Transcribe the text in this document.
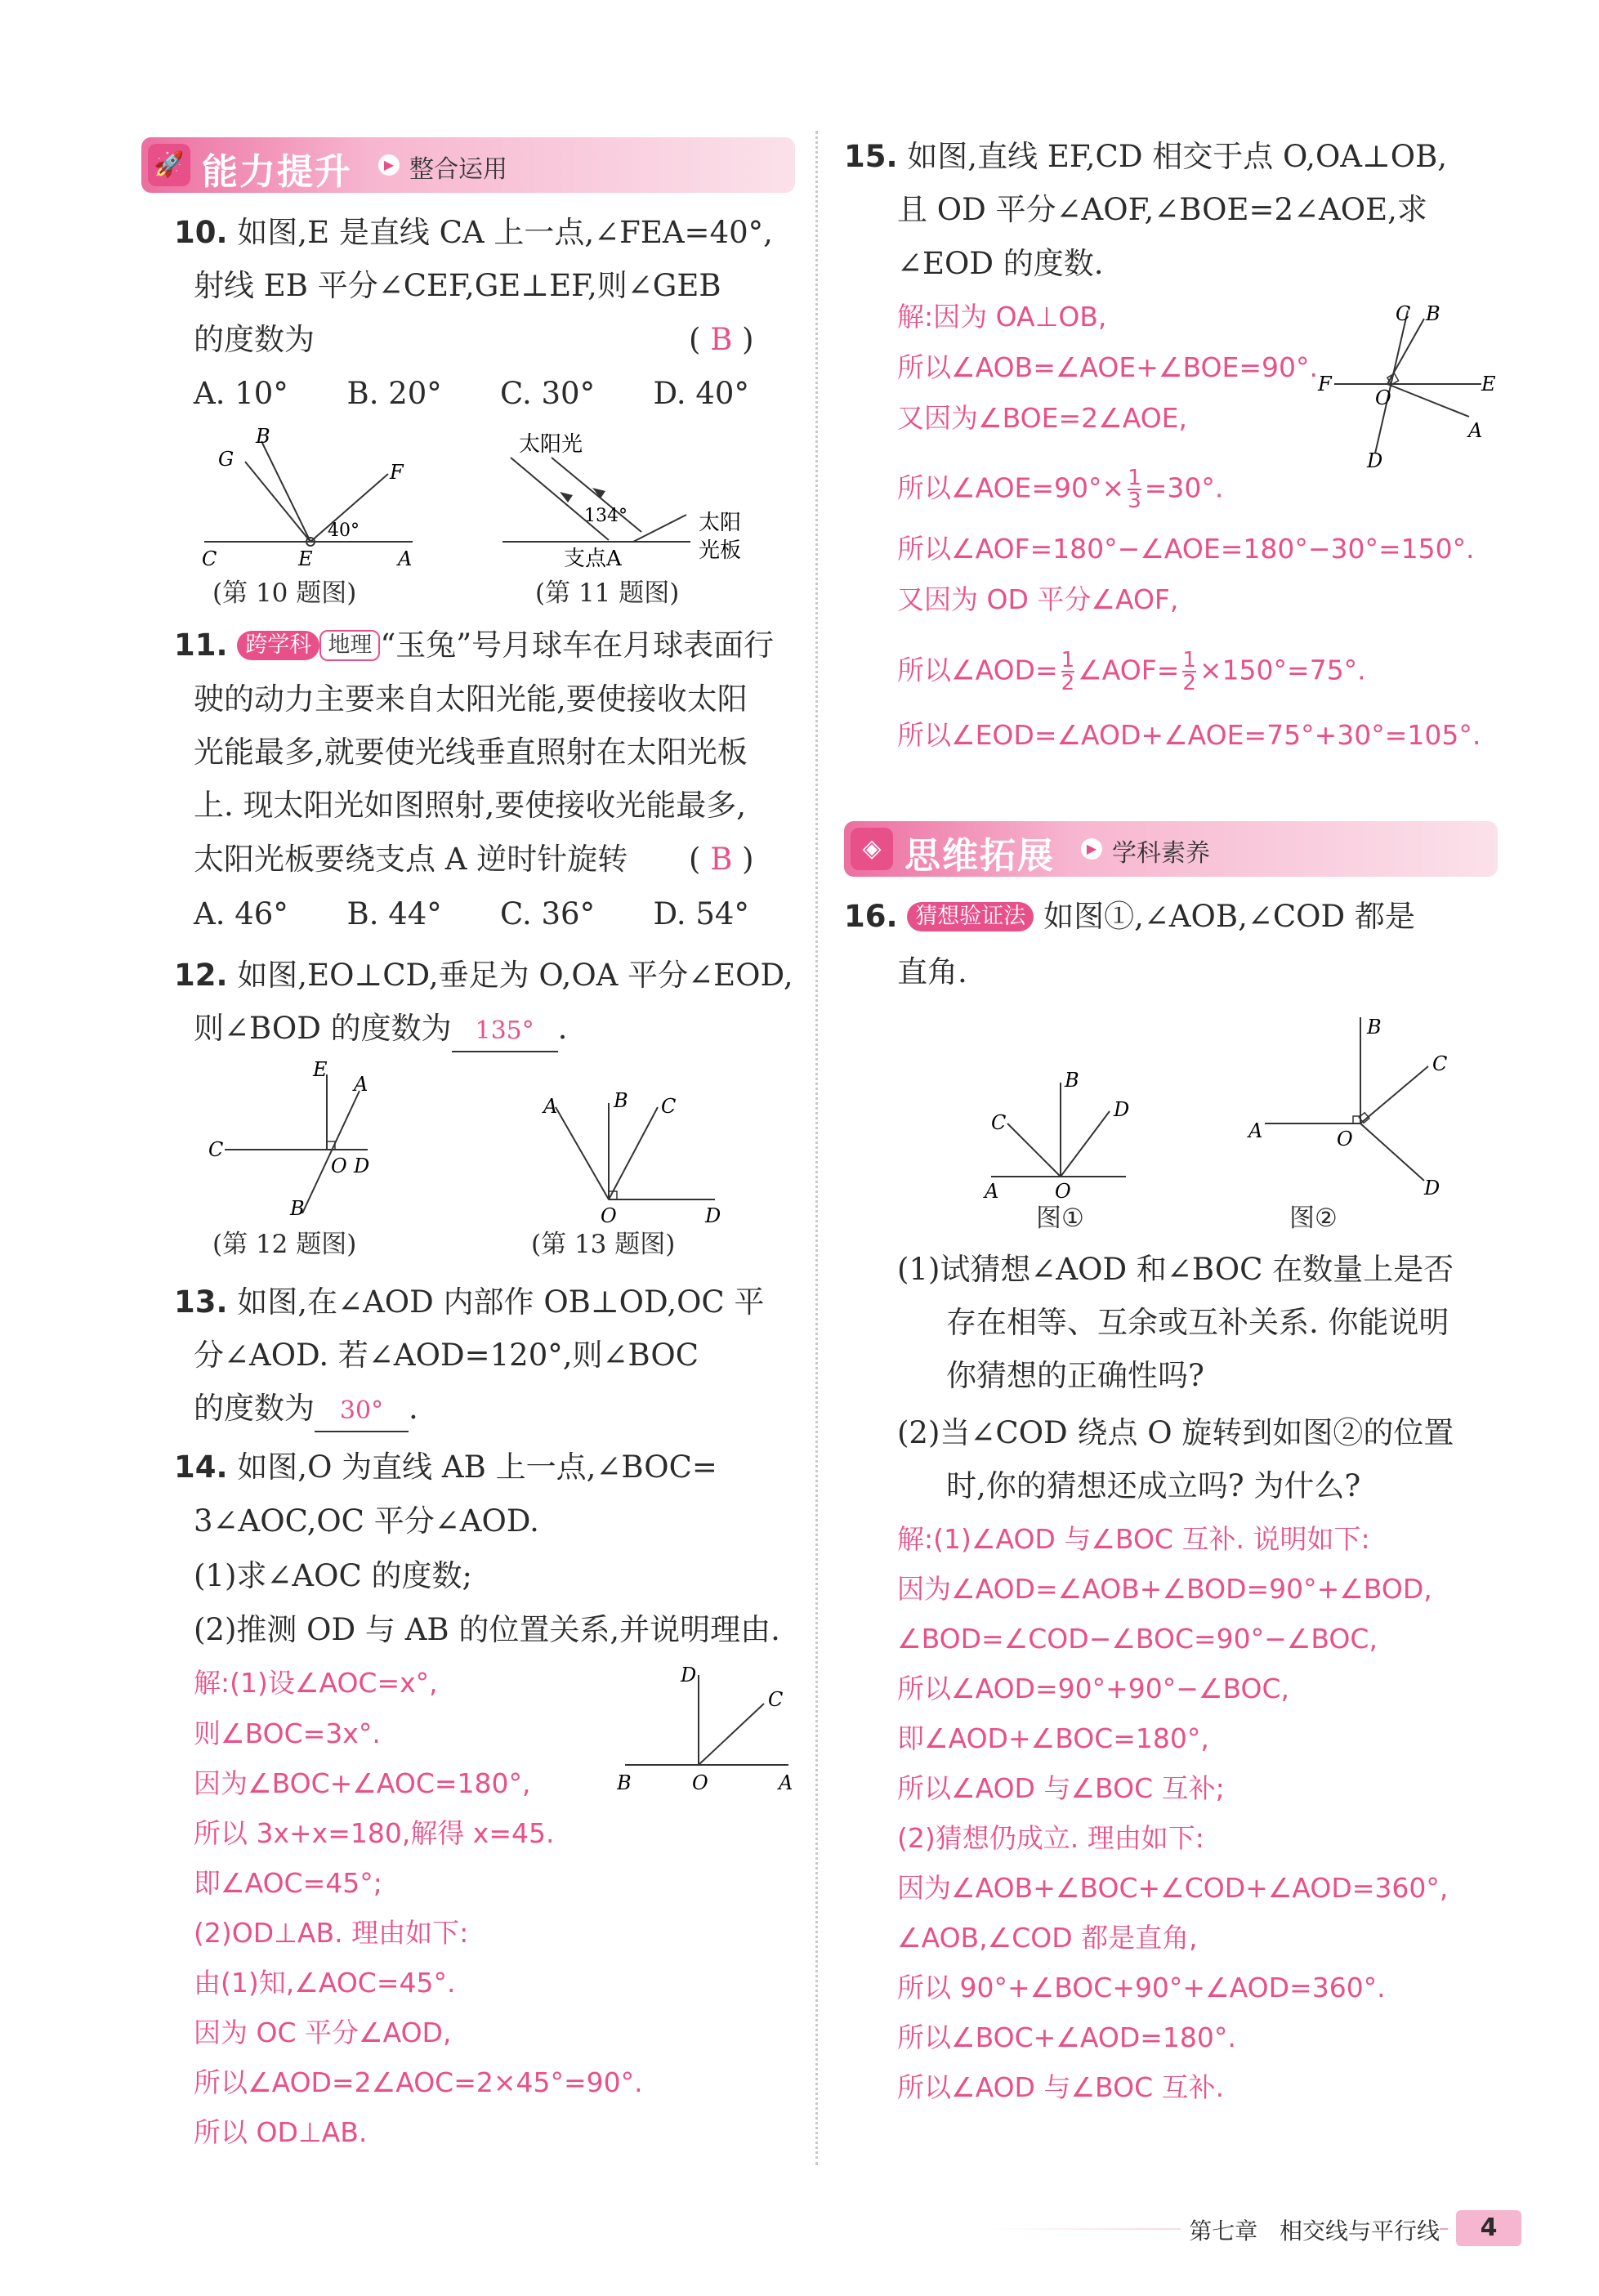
🚀 能力提升	▶ 整合运用
10. 如图,E 是直线 CA 上一点,∠FEA=40°,
射线 EB 平分∠CEF,GE⊥EF,则∠GEB
的度数为	( B )
A. 10°	B. 20°	C. 30°	D. 40°
G
B
F
C	E	A
40°
(第 10 题图)
太阳光
134°
支点A
太阳
光板
(第 11 题图)
11. 跨学科 地理 “玉兔”号月球车在月球表面行
驶的动力主要来自太阳光能,要使接收太阳
光能最多,就要使光线垂直照射在太阳光板
上. 现太阳光如图照射,要使接收光能最多,
太阳光板要绕支点 A 逆时针旋转 ( B )
A. 46°	B. 44°	C. 36°	D. 54°
12. 如图,EO⊥CD,垂足为 O,OA 平分∠EOD,
则∠BOD 的度数为 135° .
E
A
C
O D
B
(第 12 题图)
A	B C
O	D
(第 13 题图)
13. 如图,在∠AOD 内部作 OB⊥OD,OC 平
分∠AOD. 若∠AOD=120°,则∠BOC
的度数为 30° .
14. 如图,O 为直线 AB 上一点,∠BOC=
3∠AOC,OC 平分∠AOD.
(1)求∠AOC 的度数;
(2)推测 OD 与 AB 的位置关系,并说明理由.
解:(1)设∠AOC=x°,
则∠BOC=3x°.
因为∠BOC+∠AOC=180°,
所以 3x+x=180,解得 x=45.
即∠AOC=45°;
(2)OD⊥AB. 理由如下:
由(1)知,∠AOC=45°.
因为 OC 平分∠AOD,
所以∠AOD=2∠AOC=2×45°=90°.
所以 OD⊥AB.
D
C
B	O	A
15. 如图,直线 EF,CD 相交于点 O,OA⊥OB,
且 OD 平分∠AOF,∠BOE=2∠AOE,求
∠EOD 的度数.
解:因为 OA⊥OB,
所以∠AOB=∠AOE+∠BOE=90°.
又因为∠BOE=2∠AOE,
所以∠AOE=90°× $\frac{1}{3} =30^\circ$.
所以∠AOF=180°−∠AOE=180°−30°=150°.
又因为 OD 平分∠AOF,
所以∠AOD= $\frac{1}{2}$ ∠AOF= $\frac{1}{2} \times 150^\circ=75^\circ$.
所以∠EOD=∠AOD+∠AOE=75°+30°=105°.
C B
F
O
E
A
D
◈ 思维拓展	▶ 学科素养
16. 猜想验证法 如图①,∠AOB,∠COD 都是
直角.
C
B
D
A	O
图①
B
C
A	O
D
图②
(1)试猜想∠AOD 和∠BOC 在数量上是否
存在相等、互余或互补关系. 你能说明
你猜想的正确性吗?
(2)当∠COD 绕点 O 旋转到如图②的位置
时,你的猜想还成立吗? 为什么?
解:(1)∠AOD 与∠BOC 互补. 说明如下:
因为∠AOD=∠AOB+∠BOD=90°+∠BOD,
∠BOD=∠COD−∠BOC=90°−∠BOC,
所以∠AOD=90°+90°−∠BOC,
即∠AOD+∠BOC=180°,
所以∠AOD 与∠BOC 互补;
(2)猜想仍成立. 理由如下:
因为∠AOB+∠BOC+∠COD+∠AOD=360°,
∠AOB,∠COD 都是直角,
所以 90°+∠BOC+90°+∠AOD=360°.
所以∠BOC+∠AOD=180°.
所以∠AOD 与∠BOC 互补.
第七章 相交线与平行线	4
